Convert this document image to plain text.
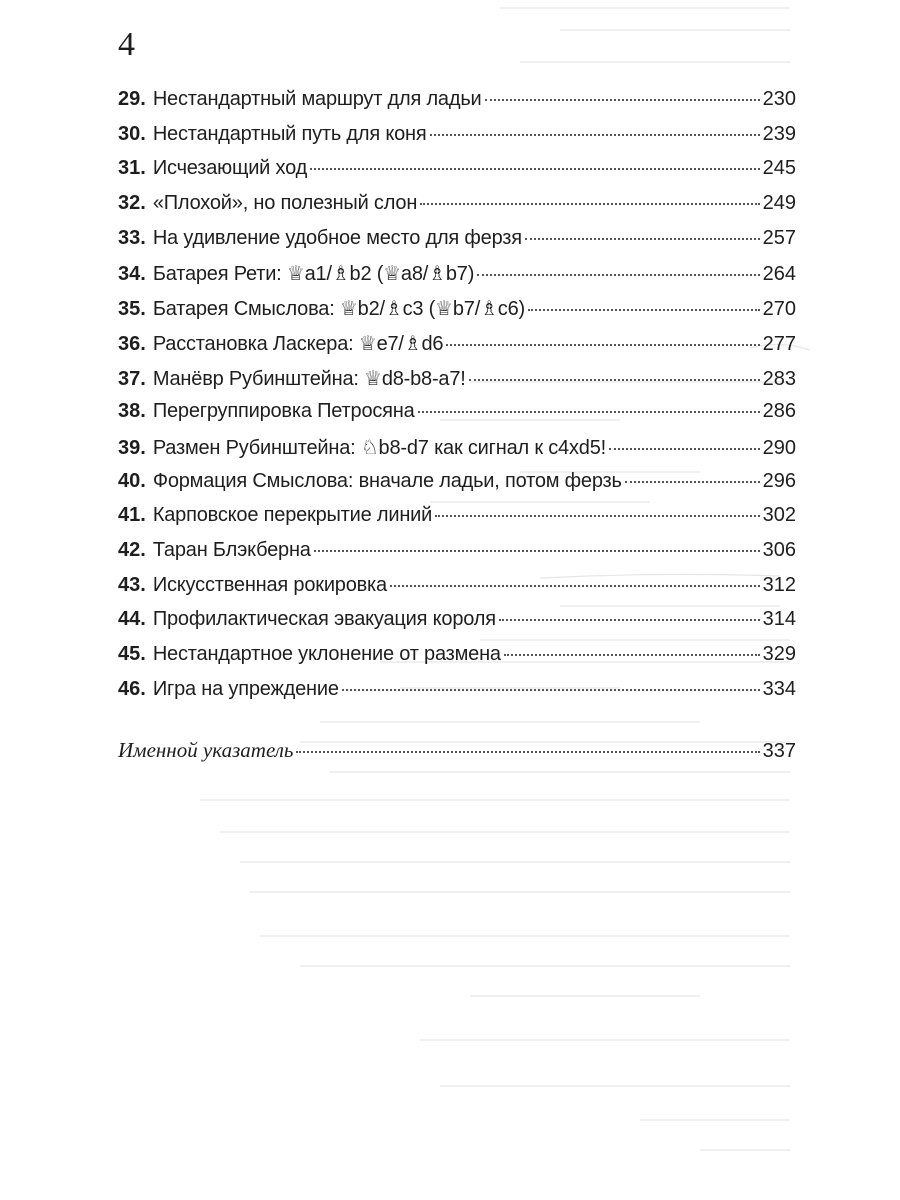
4
29. Нестандартный маршрут для ладьи	230
30. Нестандартный путь для коня	239
31. Исчезающий ход	245
32. «Плохой», но полезный слон	249
33. На удивление удобное место для ферзя	257
34. Батарея Рети: ♕a1/♗b2 (♕a8/♗b7)	264
35. Батарея Смыслова: ♕b2/♗c3 (♕b7/♗c6)	270
36. Расстановка Ласкера: ♕e7/♗d6	277
37. Манёвр Рубинштейна: ♕d8-b8-a7!	283
38. Перегруппировка Петросяна	286
39. Размен Рубинштейна: ♘b8-d7 как сигнал к c4xd5!	290
40. Формация Смыслова: вначале ладьи, потом ферзь	296
41. Карповское перекрытие линий	302
42. Таран Блэкберна	306
43. Искусственная рокировка	312
44. Профилактическая эвакуация короля	314
45. Нестандартное уклонение от размена	329
46. Игра на упреждение	334
Именной указатель	337
